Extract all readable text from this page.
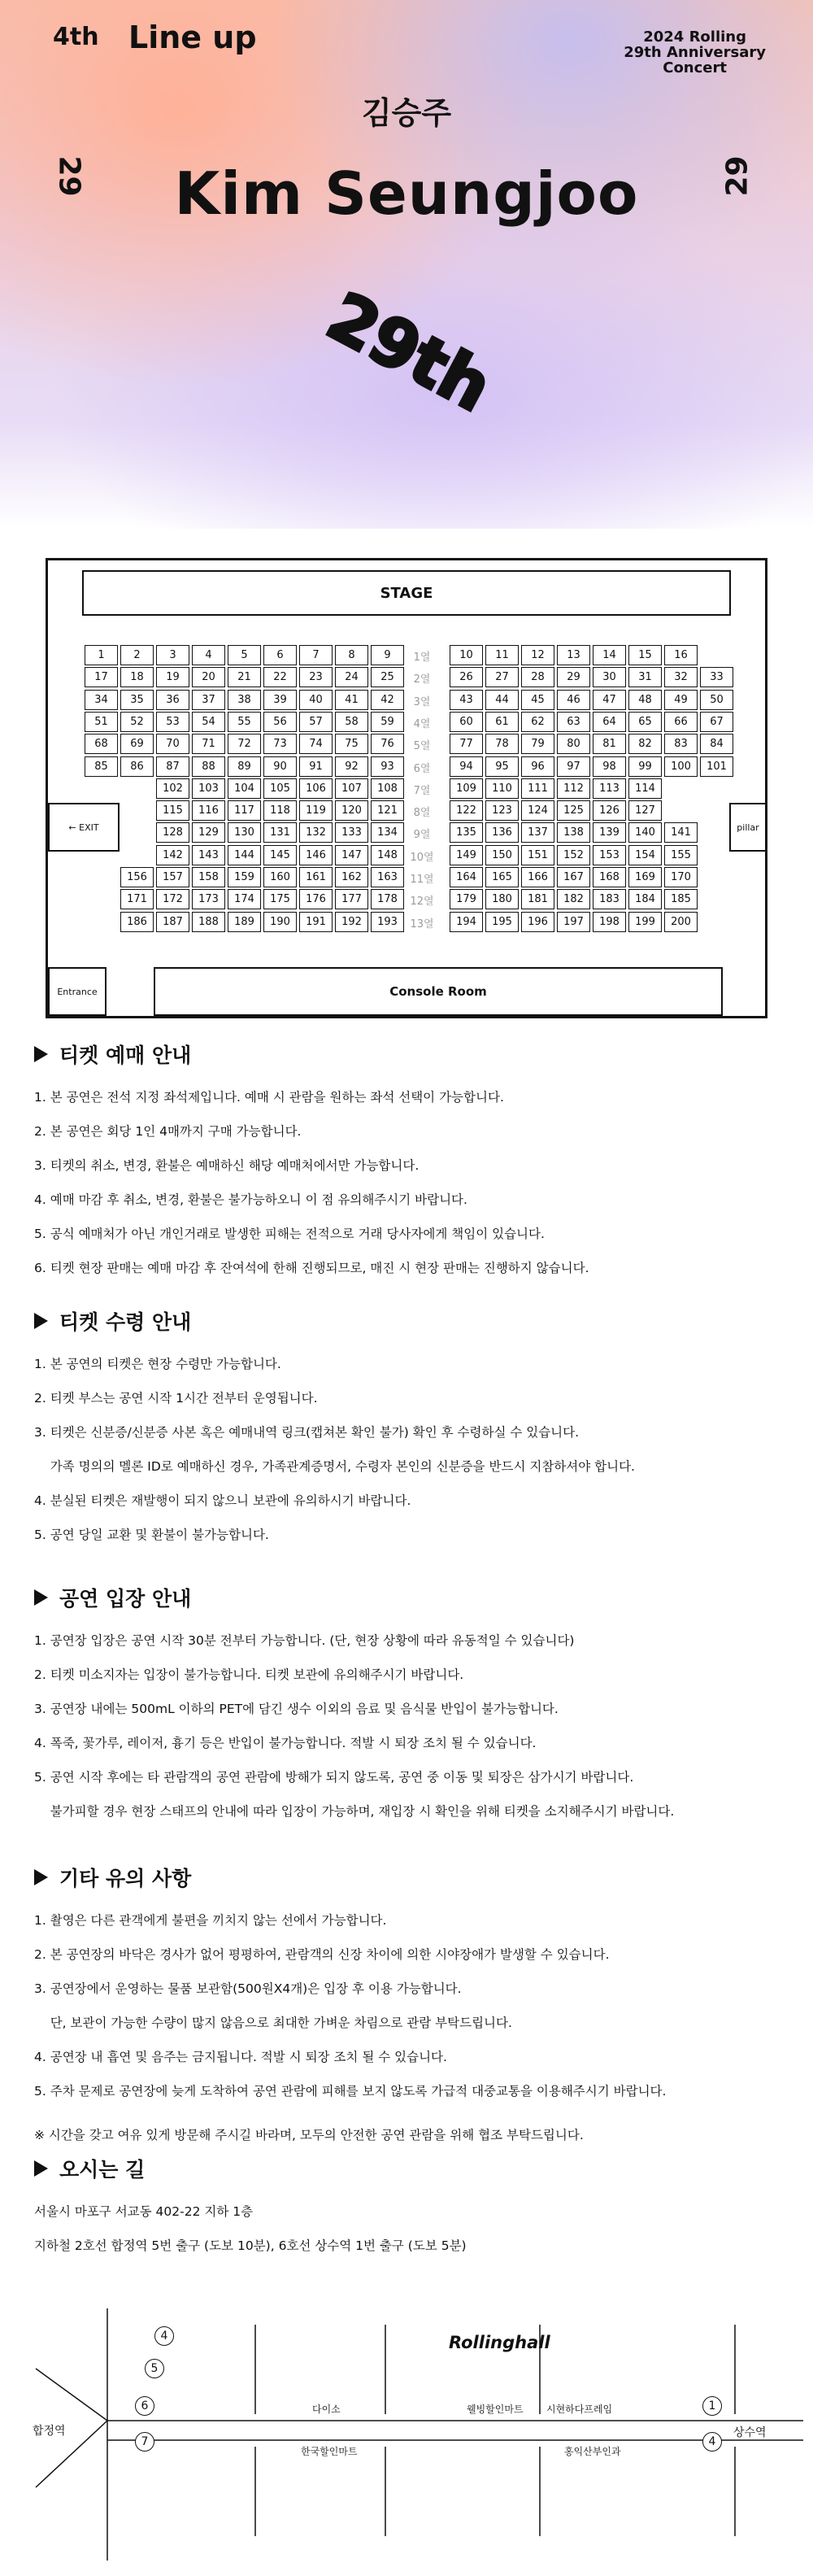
4th Line up	2024 Rolling
29th Anniversary
Concert
김승주
Kim Seungjoo
29	29
29th
STAGE
← EXIT	pillar
Entrance	Console Room
1	2	3	4	5	6	7	8	9	1열	10	11	12	13	14	15	16
17	18	19	20	21	22	23	24	25	2열	26	27	28	29	30	31	32	33
34	35	36	37	38	39	40	41	42	3열	43	44	45	46	47	48	49	50
51	52	53	54	55	56	57	58	59	4열	60	61	62	63	64	65	66	67
68	69	70	71	72	73	74	75	76	5열	77	78	79	80	81	82	83	84
85	86	87	88	89	90	91	92	93	6열	94	95	96	97	98	99	100	101
102	103	104	105	106	107	108	7열	109	110	111	112	113	114
115	116	117	118	119	120	121	8열	122	123	124	125	126	127
128	129	130	131	132	133	134	9열	135	136	137	138	139	140	141
142	143	144	145	146	147	148	10열	149	150	151	152	153	154	155
156	157	158	159	160	161	162	163	11열	164	165	166	167	168	169	170
171	172	173	174	175	176	177	178	12열	179	180	181	182	183	184	185
186	187	188	189	190	191	192	193	13열	194	195	196	197	198	199	200
티켓 예매 안내
1. 본 공연은 전석 지정 좌석제입니다. 예매 시 관람을 원하는 좌석 선택이 가능합니다.
2. 본 공연은 회당 1인 4매까지 구매 가능합니다.
3. 티켓의 취소, 변경, 환불은 예매하신 해당 예매처에서만 가능합니다.
4. 예매 마감 후 취소, 변경, 환불은 불가능하오니 이 점 유의해주시기 바랍니다.
5. 공식 예매처가 아닌 개인거래로 발생한 피해는 전적으로 거래 당사자에게 책임이 있습니다.
6. 티켓 현장 판매는 예매 마감 후 잔여석에 한해 진행되므로, 매진 시 현장 판매는 진행하지 않습니다.
티켓 수령 안내
1. 본 공연의 티켓은 현장 수령만 가능합니다.
2. 티켓 부스는 공연 시작 1시간 전부터 운영됩니다.
3. 티켓은 신분증/신분증 사본 혹은 예매내역 링크(캡쳐본 확인 불가) 확인 후 수령하실 수 있습니다.
가족 명의의 멜론 ID로 예매하신 경우, 가족관계증명서, 수령자 본인의 신분증을 반드시 지참하셔야 합니다.
4. 분실된 티켓은 재발행이 되지 않으니 보관에 유의하시기 바랍니다.
5. 공연 당일 교환 및 환불이 불가능합니다.
공연 입장 안내
1. 공연장 입장은 공연 시작 30분 전부터 가능합니다. (단, 현장 상황에 따라 유동적일 수 있습니다)
2. 티켓 미소지자는 입장이 불가능합니다. 티켓 보관에 유의해주시기 바랍니다.
3. 공연장 내에는 500mL 이하의 PET에 담긴 생수 이외의 음료 및 음식물 반입이 불가능합니다.
4. 폭죽, 꽃가루, 레이저, 흉기 등은 반입이 불가능합니다. 적발 시 퇴장 조치 될 수 있습니다.
5. 공연 시작 후에는 타 관람객의 공연 관람에 방해가 되지 않도록, 공연 중 이동 및 퇴장은 삼가시기 바랍니다.
불가피할 경우 현장 스태프의 안내에 따라 입장이 가능하며, 재입장 시 확인을 위해 티켓을 소지해주시기 바랍니다.
기타 유의 사항
1. 촬영은 다른 관객에게 불편을 끼치지 않는 선에서 가능합니다.
2. 본 공연장의 바닥은 경사가 없어 평평하여, 관람객의 신장 차이에 의한 시야장애가 발생할 수 있습니다.
3. 공연장에서 운영하는 물품 보관함(500원X4개)은 입장 후 이용 가능합니다.
단, 보관이 가능한 수량이 많지 않음으로 최대한 가벼운 차림으로 관람 부탁드립니다.
4. 공연장 내 흡연 및 음주는 금지됩니다. 적발 시 퇴장 조치 될 수 있습니다.
5. 주차 문제로 공연장에 늦게 도착하여 공연 관람에 피해를 보지 않도록 가급적 대중교통을 이용해주시기 바랍니다.
※ 시간을 갖고 여유 있게 방문해 주시길 바라며, 모두의 안전한 공연 관람을 위해 협조 부탁드립니다.
오시는 길
서울시 마포구 서교동 402-22 지하 1층
지하철 2호선 합정역 5번 출구 (도보 10분), 6호선 상수역 1번 출구 (도보 5분)
합정역	상수역
Rollinghall
다이소
한국할인마트
웰빙할인마트 시현하다프레임
홍익산부인과
4
5
6
7
1
4
